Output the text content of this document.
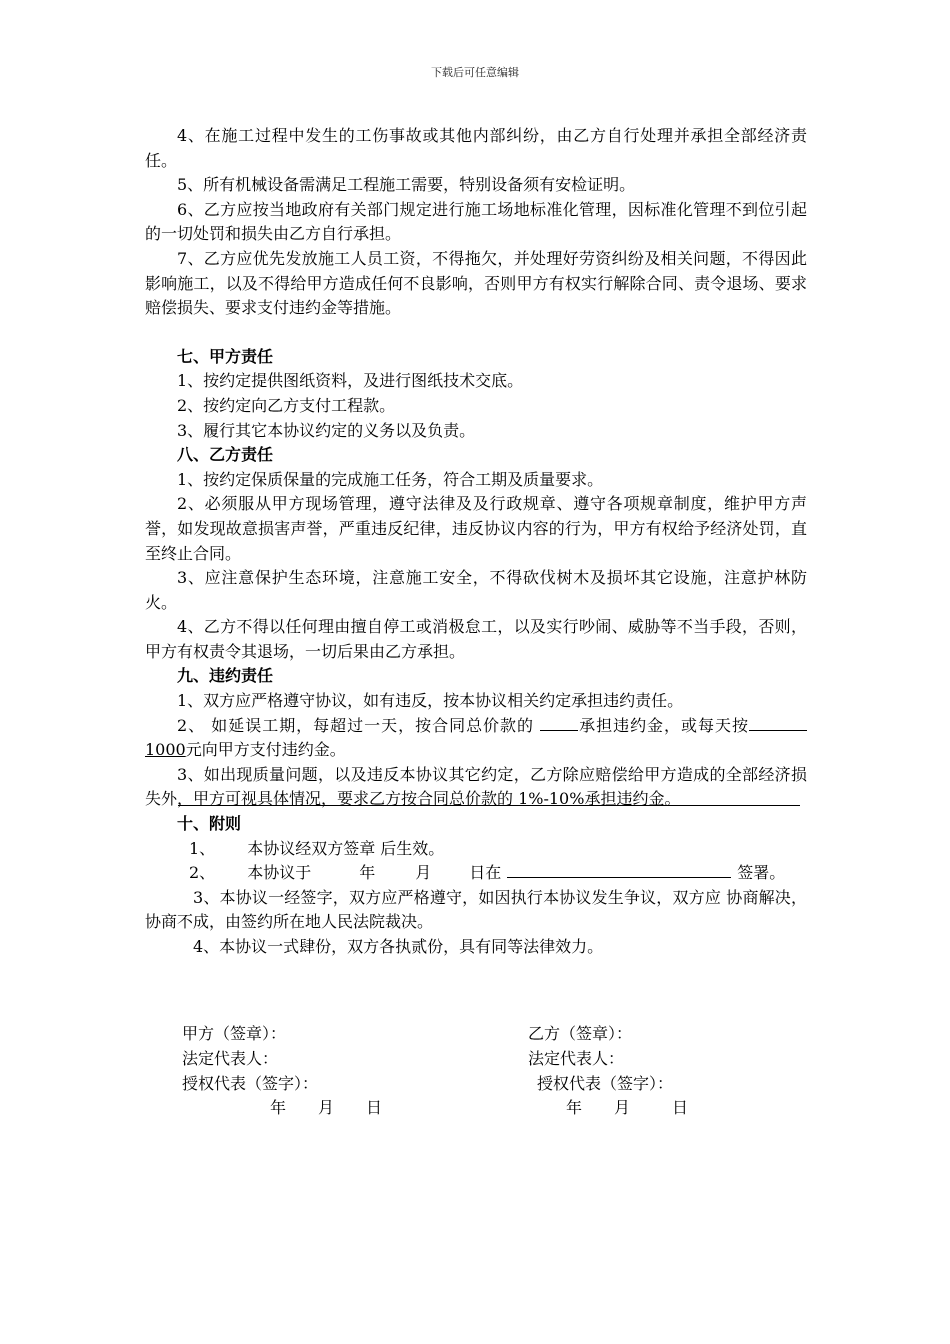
下载后可任意编辑

4、在施工过程中发生的工伤事故或其他内部纠纷，由乙方自行处理并承担全部经济责任。

5、所有机械设备需满足工程施工需要，特别设备须有安检证明。

6、乙方应按当地政府有关部门规定进行施工场地标准化管理，因标准化管理不到位引起的一切处罚和损失由乙方自行承担。

7、乙方应优先发放施工人员工资，不得拖欠，并处理好劳资纠纷及相关问题，不得因此影响施工，以及不得给甲方造成任何不良影响，否则甲方有权实行解除合同、责令退场、要求赔偿损失、要求支付违约金等措施。

七、甲方责任

1、按约定提供图纸资料，及进行图纸技术交底。

2、按约定向乙方支付工程款。

3、履行其它本协议约定的义务以及负责。

八、乙方责任

1、按约定保质保量的完成施工任务，符合工期及质量要求。

2、必须服从甲方现场管理，遵守法律及及行政规章、遵守各项规章制度，维护甲方声誉，如发现故意损害声誉，严重违反纪律，违反协议内容的行为，甲方有权给予经济处罚，直至终止合同。

3、应注意保护生态环境，注意施工安全，不得砍伐树木及损坏其它设施，注意护林防火。

4、乙方不得以任何理由擅自停工或消极怠工，以及实行吵闹、威胁等不当手段，否则，甲方有权责令其退场，一切后果由乙方承担。

九、违约责任

1、双方应严格遵守协议，如有违反，按本协议相关约定承担违约责任。

2、 如延误工期，每超过一天，按合同总价款的 承担违约金，或每天按1000元向甲方支付违约金。

3、如出现质量问题，以及违反本协议其它约定，乙方除应赔偿给甲方造成的全部经济损失外，甲方可视具体情况，要求乙方按合同总价款的 1%-10%承担违约金。

十、附则

1、 本协议经双方签章 后生效。

2、 本协议于	年	月 日在	签署。

3、本协议一经签字，双方应严格遵守，如因执行本协议发生争议，双方应 协商解决，协商不成，由签约所在地人民法院裁决。

4、本协议一式肆份，双方各执贰份，具有同等法律效力。

甲方（签章）：	乙方（签章）：
法定代表人：	法定代表人：
授权代表（签字）：	授权代表（签字）：
年 月 日	年 月	日
